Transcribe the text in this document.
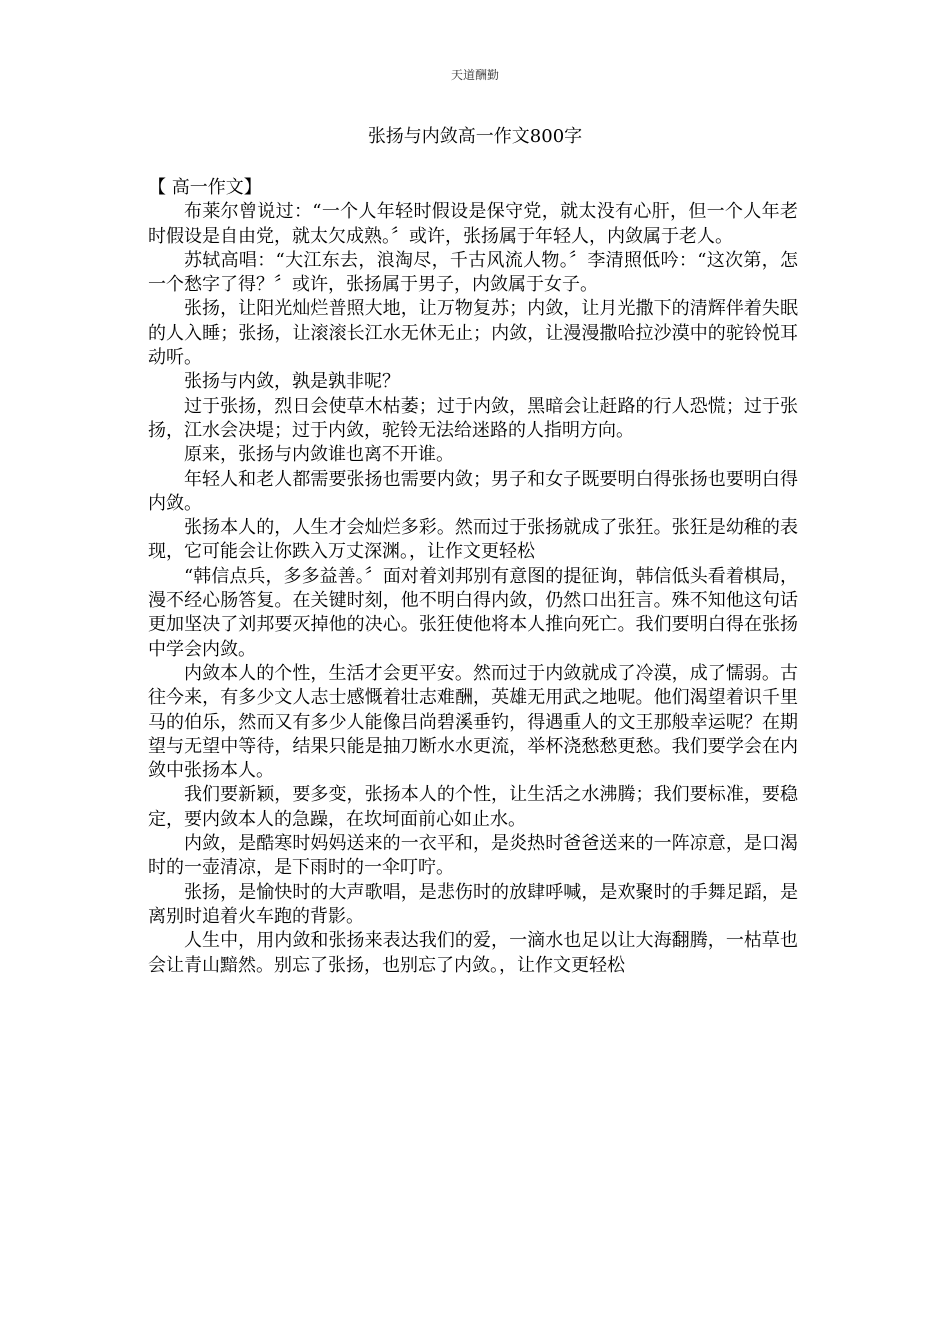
天道酬勤
张扬与内敛高一作文800字

【 高一作文】

布莱尔曾说过：“一个人年轻时假设是保守党，就太没有心肝，但一个人年老时假设是自由党，就太欠成熟。〞或许，张扬属于年轻人，内敛属于老人。

苏轼高唱：“大江东去，浪淘尽，千古风流人物。〞李清照低吟：“这次第，怎一个愁字了得？〞或许，张扬属于男子，内敛属于女子。

张扬，让阳光灿烂普照大地，让万物复苏；内敛，让月光撒下的清辉伴着失眠的人入睡；张扬，让滚滚长江水无休无止；内敛，让漫漫撒哈拉沙漠中的驼铃悦耳动听。

张扬与内敛，孰是孰非呢？

过于张扬，烈日会使草木枯萎；过于内敛，黑暗会让赶路的行人恐慌；过于张扬，江水会决堤；过于内敛，驼铃无法给迷路的人指明方向。

原来，张扬与内敛谁也离不开谁。

年轻人和老人都需要张扬也需要内敛；男子和女子既要明白得张扬也要明白得内敛。

张扬本人的，人生才会灿烂多彩。然而过于张扬就成了张狂。张狂是幼稚的表现，它可能会让你跌入万丈深渊。，让作文更轻松

“韩信点兵，多多益善。〞面对着刘邦别有意图的提征询，韩信低头看着棋局，漫不经心肠答复。在关键时刻，他不明白得内敛，仍然口出狂言。殊不知他这句话更加坚决了刘邦要灭掉他的决心。张狂使他将本人推向死亡。我们要明白得在张扬中学会内敛。

内敛本人的个性，生活才会更平安。然而过于内敛就成了冷漠，成了懦弱。古往今来，有多少文人志士感慨着壮志难酬，英雄无用武之地呢。他们渴望着识千里马的伯乐，然而又有多少人能像吕尚碧溪垂钓，得遇重人的文王那般幸运呢？在期望与无望中等待，结果只能是抽刀断水水更流，举杯浇愁愁更愁。我们要学会在内敛中张扬本人。

我们要新颖，要多变，张扬本人的个性，让生活之水沸腾；我们要标准，要稳定，要内敛本人的急躁，在坎坷面前心如止水。

内敛，是酷寒时妈妈送来的一衣平和，是炎热时爸爸送来的一阵凉意，是口渴时的一壶清凉，是下雨时的一伞叮咛。

张扬，是愉快时的大声歌唱，是悲伤时的放肆呼喊，是欢聚时的手舞足蹈，是离别时追着火车跑的背影。

人生中，用内敛和张扬来表达我们的爱，一滴水也足以让大海翻腾，一枯草也会让青山黯然。别忘了张扬，也别忘了内敛。，让作文更轻松
